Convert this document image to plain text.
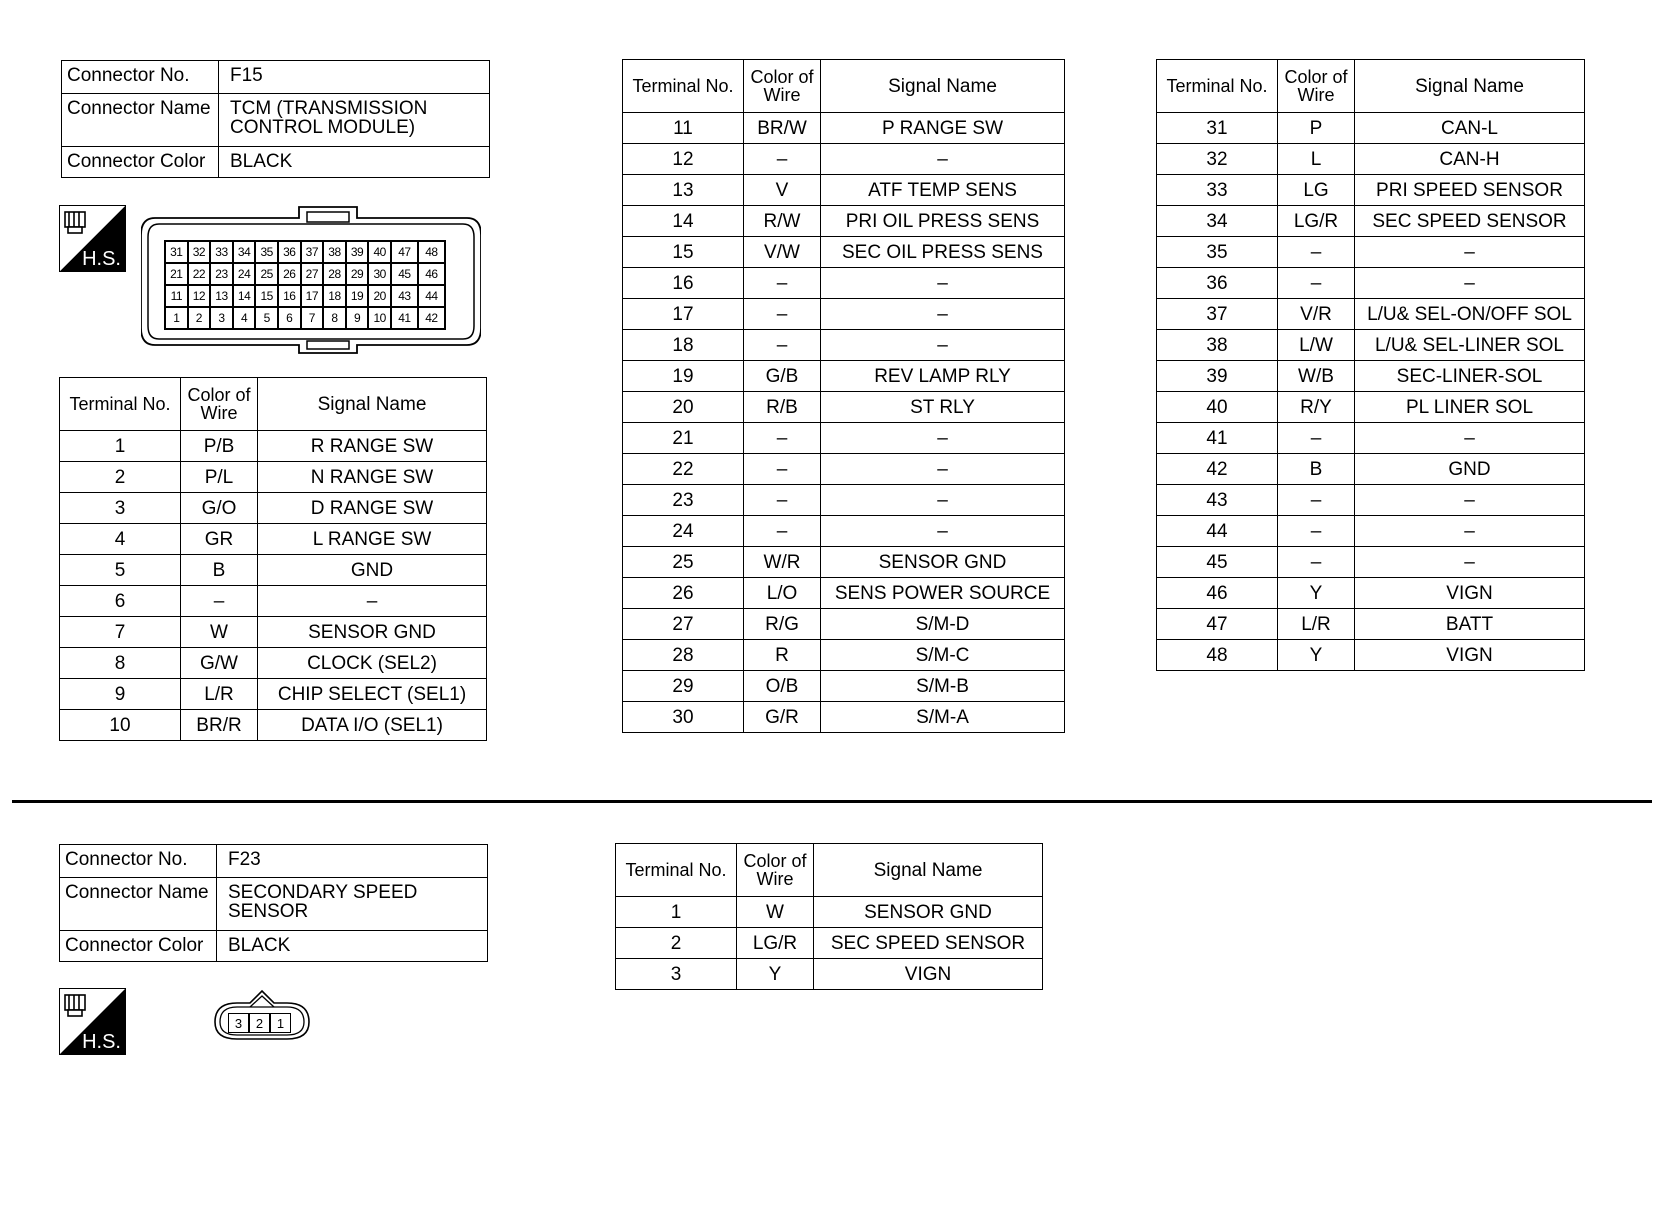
Connector No.	F15
Connector Name	TCM (TRANSMISSION CONTROL MODULE)
Connector Color	BLACK
H.S.	31 32 33 34 35 36 37 38 39 40	47	48
21 22 23 24 25 26 27 28 29 30	45	46
11 12 13 14 15 16 17 18 19 20	43	44
1	2	3	4	5	6	7	8	9	10	41	42
Terminal No.	Color of Wire	Signal Name
1	P/B	R RANGE SW
2	P/L	N RANGE SW
3	G/O	D RANGE SW
4	GR	L RANGE SW
5	B	GND
6	–	–
7	W	SENSOR GND
8	G/W	CLOCK (SEL2)
9	L/R	CHIP SELECT (SEL1)
10	BR/R	DATA I/O (SEL1)
Terminal No.	Color of Wire	Signal Name
11	BR/W	P RANGE SW
12	–	–
13	V	ATF TEMP SENS
14	R/W	PRI OIL PRESS SENS
15	V/W	SEC OIL PRESS SENS
16	–	–
17	–	–
18	–	–
19	G/B	REV LAMP RLY
20	R/B	ST RLY
21	–	–
22	–	–
23	–	–
24	–	–
25	W/R	SENSOR GND
26	L/O	SENS POWER SOURCE
27	R/G	S/M-D
28	R	S/M-C
29	O/B	S/M-B
30	G/R	S/M-A
Terminal No.	Color of Wire	Signal Name
31	P	CAN-L
32	L	CAN-H
33	LG	PRI SPEED SENSOR
34	LG/R	SEC SPEED SENSOR
35	–	–
36	–	–
37	V/R	L/U& SEL-ON/OFF SOL
38	L/W	L/U& SEL-LINER SOL
39	W/B	SEC-LINER-SOL
40	R/Y	PL LINER SOL
41	–	–
42	B	GND
43	–	–
44	–	–
45	–	–
46	Y	VIGN
47	L/R	BATT
48	Y	VIGN
Connector No.	F23
Connector Name	SECONDARY SPEED SENSOR
Connector Color	BLACK
H.S.
3	2	1
Terminal No.	Color of Wire	Signal Name
1	W	SENSOR GND
2	LG/R	SEC SPEED SENSOR
3	Y	VIGN
